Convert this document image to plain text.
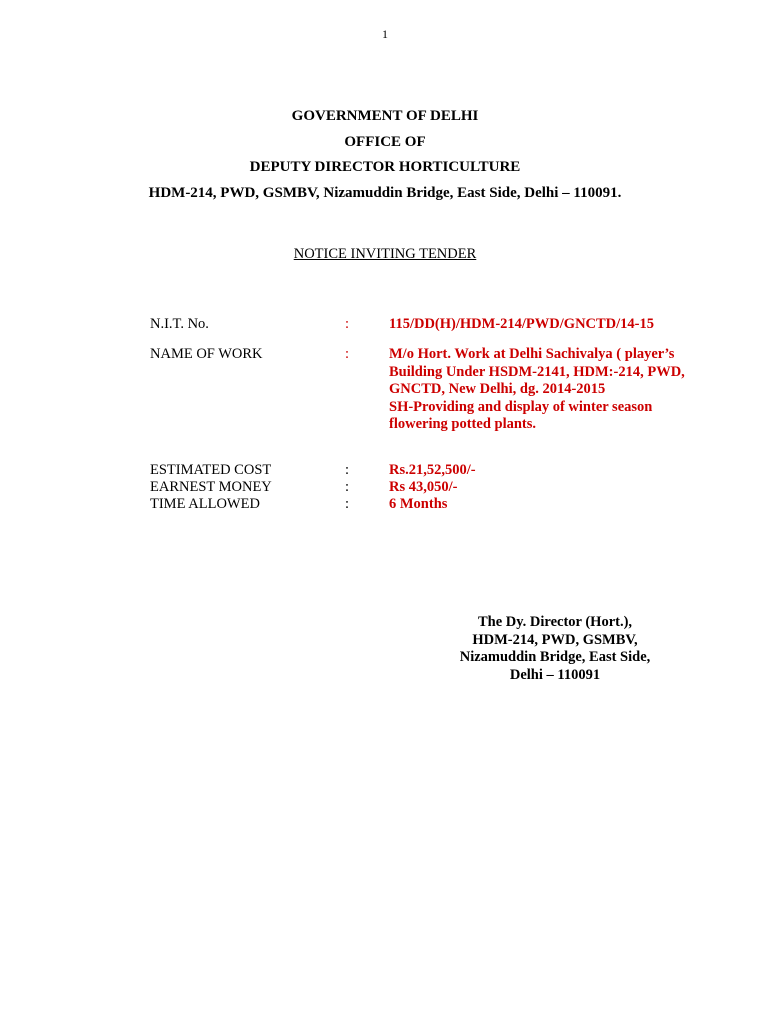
1
GOVERNMENT OF DELHI
OFFICE OF
DEPUTY DIRECTOR HORTICULTURE
HDM-214, PWD, GSMBV, Nizamuddin Bridge, East Side, Delhi – 110091.
NOTICE INVITING TENDER
N.I.T. No.	:	115/DD(H)/HDM-214/PWD/GNCTD/14-15
NAME OF WORK	:	M/o Hort. Work at Delhi Sachivalya ( player’s
Building Under HSDM-2141, HDM:-214, PWD,
GNCTD, New Delhi, dg. 2014-2015
SH-Providing and display of winter season
flowering potted plants.
ESTIMATED COST	:	Rs.21,52,500/-
EARNEST MONEY	:	Rs 43,050/-
TIME ALLOWED	:	6 Months
The Dy. Director (Hort.),
HDM-214, PWD, GSMBV,
Nizamuddin Bridge, East Side,
Delhi – 110091
